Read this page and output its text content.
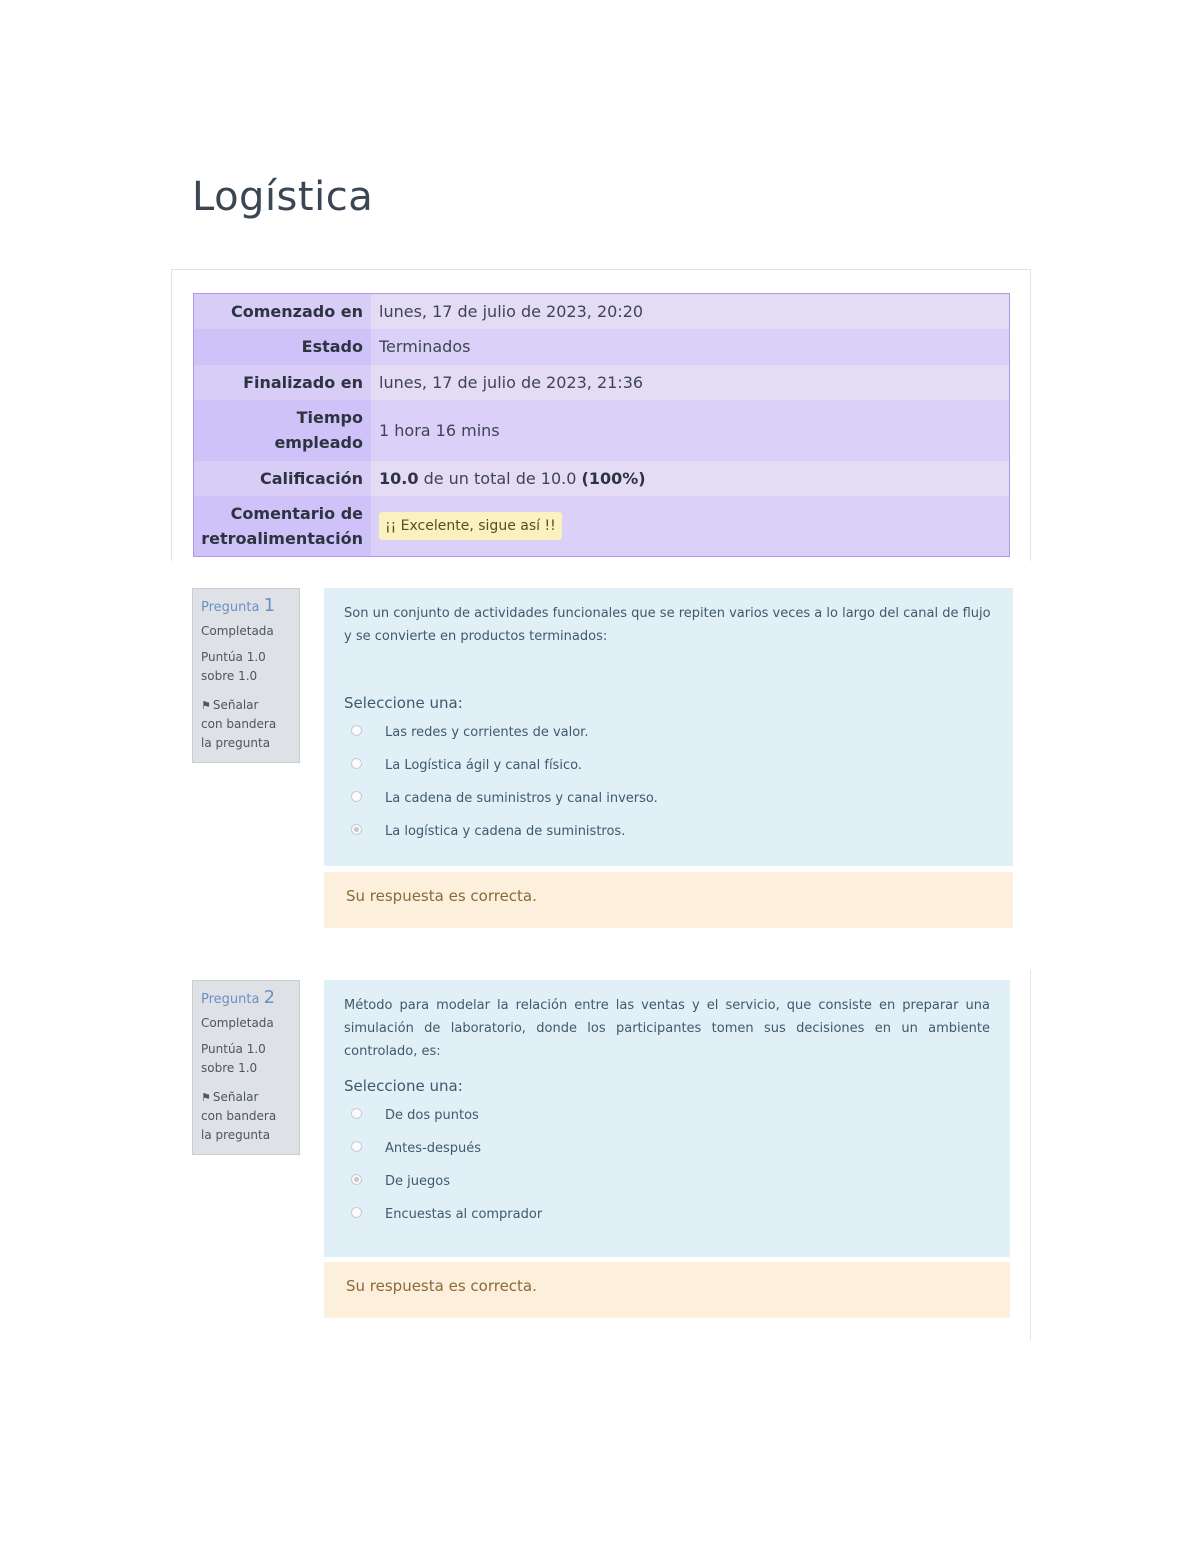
Logística
Comenzado en	lunes, 17 de julio de 2023, 20:20
Estado	Terminados
Finalizado en	lunes, 17 de julio de 2023, 21:36
Tiempo
empleado	1 hora 16 mins
Calificación	10.0 de un total de 10.0 (100%)
Comentario de
retroalimentación	¡¡ Excelente, sigue así !!
Pregunta 1
Completada
Puntúa 1.0
sobre 1.0
⚑ Señalar
con bandera
la pregunta

Son un conjunto de actividades funcionales que se repiten varios veces a lo largo del canal de flujo y se convierte en productos terminados:

Seleccione una:

Las redes y corrientes de valor.
La Logística ágil y canal físico.
La cadena de suministros y canal inverso.
La logística y cadena de suministros.
Su respuesta es correcta.
Pregunta 2
Completada
Puntúa 1.0
sobre 1.0
⚑ Señalar
con bandera
la pregunta

Método para modelar la relación entre las ventas y el servicio, que consiste en preparar una simulación de laboratorio, donde los participantes tomen sus decisiones en un ambiente controlado, es:

Seleccione una:

De dos puntos
Antes-después
De juegos
Encuestas al comprador
Su respuesta es correcta.
